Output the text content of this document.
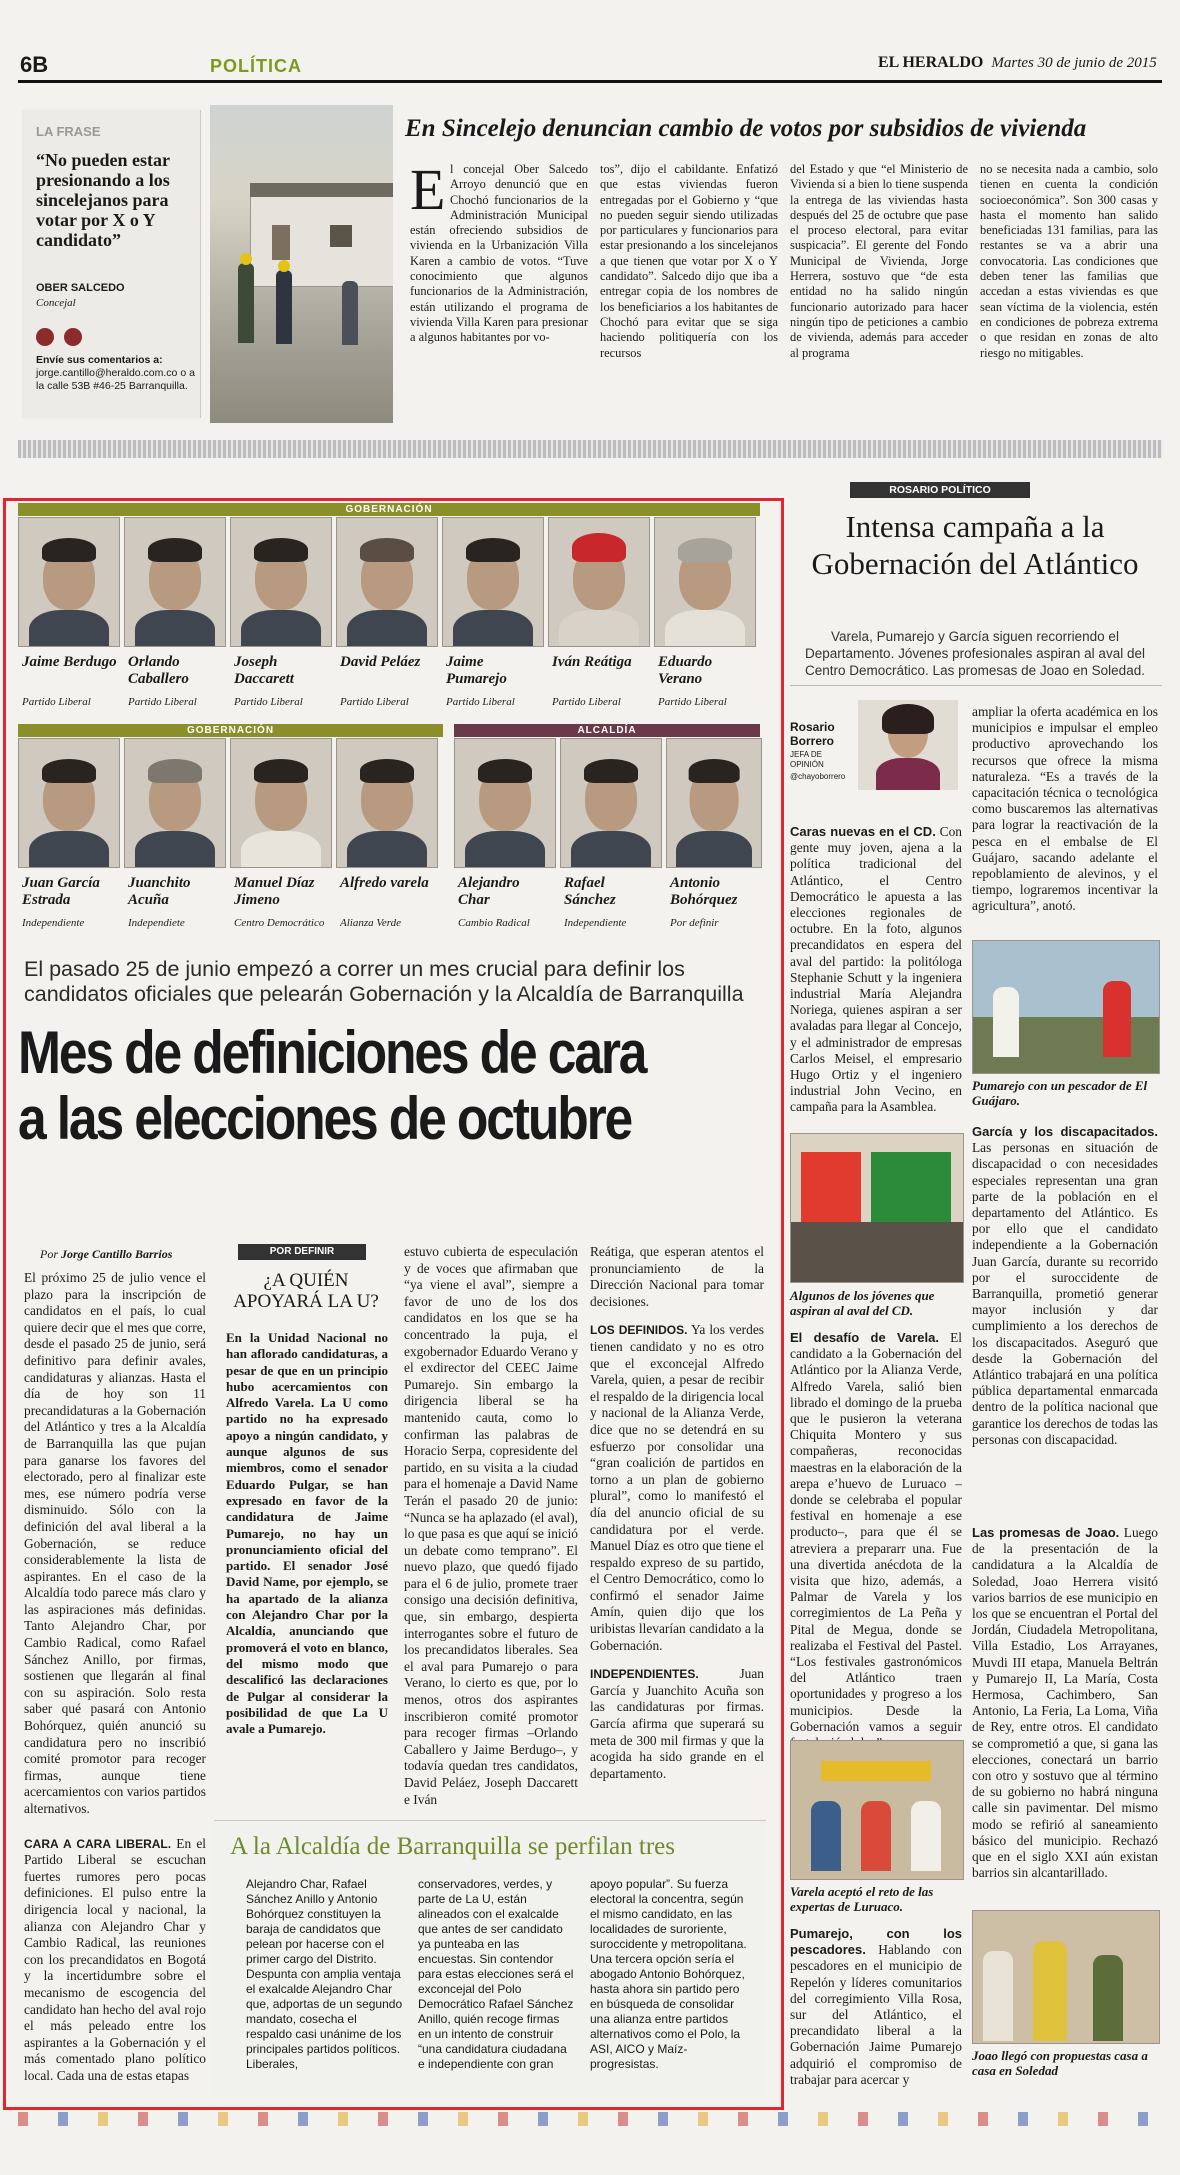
6B	POLÍTICA	EL HERALDO Martes 30 de junio de 2015
LA FRASE
“No pueden estar presionando a los sincelejanos para votar por X o Y candidato”
OBER SALCEDO
Concejal

Envíe sus comentarios a: jorge.cantillo@heraldo.com.co o a la calle 53B #46-25 Barranquilla.
En Sincelejo denuncian cambio de votos por subsidios de vivienda
E l concejal Ober Salcedo Arroyo denunció que en Chochó funcionarios de la Administración Municipal están ofreciendo subsidios de vivienda en la Urbanización Villa Karen a cambio de votos. “Tuve conocimiento que algunos funcionarios de la Administración, están utilizando el programa de vivienda Villa Karen para presionar a algunos habitantes por vo-

tos”, dijo el cabildante. Enfatizó que estas viviendas fueron entregadas por el Gobierno y “que no pueden seguir siendo utilizadas por particulares y funcionarios para estar presionando a los sincelejanos a que tienen que votar por X o Y candidato”. Salcedo dijo que iba a entregar copia de los nombres de los beneficiarios a los habitantes de Chochó para evitar que se siga haciendo politiquería con los recursos
del Estado y que “el Ministerio de Vivienda si a bien lo tiene suspenda la entrega de las viviendas hasta después del 25 de octubre que pase el proceso electoral, para evitar suspicacia”. El gerente del Fondo Municipal de Vivienda, Jorge Herrera, sostuvo que “de esta entidad no ha salido ningún funcionario autorizado para hacer ningún tipo de peticiones a cambio de vivienda, además para acceder al programa
no se necesita nada a cambio, solo tienen en cuenta la condición socioeconómica”. Son 300 casas y hasta el momento han salido beneficiadas 131 familias, para las restantes se va a abrir una convocatoria. Las condiciones que deben tener las familias que accedan a estas viviendas es que sean víctima de la violencia, estén en condiciones de pobreza extrema o que residan en zonas de alto riesgo no mitigables.
GOBERNACIÓN
Jaime Berdugo
Partido Liberal
Orlando Caballero
Partido Liberal
Joseph Daccarett
Partido Liberal
David Peláez
Partido Liberal
Jaime Pumarejo
Partido Liberal
Iván Reátiga
Partido Liberal
Eduardo Verano
Partido Liberal
GOBERNACIÓN	ALCALDÍA
Juan García Estrada
Independiente
Juanchito Acuña
Independiete
Manuel Díaz Jimeno
Centro Democrático
Alfredo varela
Alianza Verde
Alejandro Char
Cambio Radical
Rafael Sánchez
Independiente
Antonio Bohórquez
Por definir
El pasado 25 de junio empezó a correr un mes crucial para definir los candidatos oficiales que pelearán Gobernación y la Alcaldía de Barranquilla
Mes de definiciones de cara
a las elecciones de octubre
Por Jorge Cantillo Barrios

El próximo 25 de julio vence el plazo para la inscripción de candidatos en el país, lo cual quiere decir que el mes que corre, desde el pasado 25 de junio, será definitivo para definir avales, candidaturas y alianzas. Hasta el día de hoy son 11 precandidaturas a la Gobernación del Atlántico y tres a la Alcaldía de Barranquilla las que pujan para ganarse los favores del electorado, pero al finalizar este mes, ese número podría verse disminuido. Sólo con la definición del aval liberal a la Gobernación, se reduce considerablemente la lista de aspirantes. En el caso de la Alcaldía todo parece más claro y las aspiraciones más definidas. Tanto Alejandro Char, por Cambio Radical, como Rafael Sánchez Anillo, por firmas, sostienen que llegarán al final con su aspiración. Solo resta saber qué pasará con Antonio Bohórquez, quién anunció su candidatura pero no inscribió comité promotor para recoger firmas, aunque tiene acercamientos con varios partidos alternativos.

CARA A CARA LIBERAL. En el Partido Liberal se escuchan fuertes rumores pero pocas definiciones. El pulso entre la dirigencia local y nacional, la alianza con Alejandro Char y Cambio Radical, las reuniones con los precandidatos en Bogotá y la incertidumbre sobre el mecanismo de escogencia del candidato han hecho del aval rojo el más peleado entre los aspirantes a la Gobernación y el más comentado plano político local. Cada una de estas etapas

POR DEFINIR
¿A QUIÉN APOYARÁ LA U?
En la Unidad Nacional no han aflorado candidaturas, a pesar de que en un principio hubo acercamientos con Alfredo Varela. La U como partido no ha expresado apoyo a ningún candidato, y aunque algunos de sus miembros, como el senador Eduardo Pulgar, se han expresado en favor de la candidatura de Jaime Pumarejo, no hay un pronunciamiento oficial del partido. El senador José David Name, por ejemplo, se ha apartado de la alianza con Alejandro Char por la Alcaldía, anunciando que promoverá el voto en blanco, del mismo modo que descalificó las declaraciones de Pulgar al considerar la posibilidad de que La U avale a Pumarejo.
estuvo cubierta de especulación y de voces que afirmaban que “ya viene el aval”, siempre a favor de uno de los dos candidatos en los que se ha concentrado la puja, el exgobernador Eduardo Verano y el exdirector del CEEC Jaime Pumarejo. Sin embargo la dirigencia liberal se ha mantenido cauta, como lo confirman las palabras de Horacio Serpa, copresidente del partido, en su visita a la ciudad para el homenaje a David Name Terán el pasado 20 de junio: “Nunca se ha aplazado (el aval), lo que pasa es que aquí se inició un debate como temprano”. El nuevo plazo, que quedó fijado para el 6 de julio, promete traer consigo una decisión definitiva, que, sin embargo, despierta interrogantes sobre el futuro de los precandidatos liberales. Sea el aval para Pumarejo o para Verano, lo cierto es que, por lo menos, otros dos aspirantes inscribieron comité promotor para recoger firmas –Orlando Caballero y Jaime Berdugo–, y todavía quedan tres candidatos, David Peláez, Joseph Daccarett e Iván

Reátiga, que esperan atentos el pronunciamiento de la Dirección Nacional para tomar decisiones.

LOS DEFINIDOS. Ya los verdes tienen candidato y no es otro que el exconcejal Alfredo Varela, quien, a pesar de recibir el respaldo de la dirigencia local y nacional de la Alianza Verde, dice que no se detendrá en su esfuerzo por consolidar una “gran coalición de partidos en torno a un plan de gobierno plural”, como lo manifestó el día del anuncio oficial de su candidatura por el verde. Manuel Díaz es otro que tiene el respaldo expreso de su partido, el Centro Democrático, como lo confirmó el senador Jaime Amín, quien dijo que los uribistas llevarían candidato a la Gobernación.

INDEPENDIENTES.	Juan García y Juanchito Acuña son las candidaturas por firmas. García afirma que superará su meta de 300 mil firmas y que la acogida ha sido grande en el departamento.

A la Alcaldía de Barranquilla se perfilan tres
Alejandro Char, Rafael Sánchez Anillo y Antonio Bohórquez constituyen la baraja de candidatos que pelean por hacerse con el primer cargo del Distrito. Despunta con amplia ventaja el exalcalde Alejandro Char que, adportas de un segundo mandato, cosecha el respaldo casi unánime de los principales partidos políticos. Liberales,
conservadores, verdes, y parte de La U, están alineados con el exalcalde que antes de ser candidato ya punteaba en las encuestas. Sin contendor para estas elecciones será el exconcejal del Polo Democrático Rafael Sánchez Anillo, quién recoge firmas en un intento de construir “una candidatura ciudadana e independiente con gran
apoyo popular”. Su fuerza electoral la concentra, según el mismo candidato, en las localidades de suroriente, suroccidente y metropolitana. Una tercera opción sería el abogado Antonio Bohórquez, hasta ahora sin partido pero en búsqueda de consolidar una alianza entre partidos alternativos como el Polo, la ASI, AICO y Maíz-progresistas.
ROSARIO POLÍTICO
Intensa campaña a la Gobernación del Atlántico
Varela, Pumarejo y García siguen recorriendo el Departamento. Jóvenes profesionales aspiran al aval del Centro Democrático. Las promesas de Joao en Soledad.
Rosario Borrero
JEFA DE OPINIÓN
@chayoborrero

Caras nuevas en el CD. Con gente muy joven, ajena a la política tradicional del Atlántico, el Centro Democrático le apuesta a las elecciones regionales de octubre. En la foto, algunos precandidatos en espera del aval del partido: la politóloga Stephanie Schutt y la ingeniera industrial María Alejandra Noriega, quienes aspiran a ser avaladas para llegar al Concejo, y el administrador de empresas Carlos Meisel, el empresario Hugo Ortiz y el ingeniero industrial John Vecino, en campaña para la Asamblea.

Algunos de los jóvenes que aspiran al aval del CD.

El desafío de Varela. El candidato a la Gobernación del Atlántico por la Alianza Verde, Alfredo Varela, salió bien librado el domingo de la prueba que le pusieron la veterana Chiquita Montero y sus compañeras, reconocidas maestras en la elaboración de la arepa e’huevo de Luruaco –donde se celebraba el popular festival en homenaje a ese producto–, para que él se atreviera a prepararr una. Fue una divertida anécdota de la visita que hizo, además, a Palmar de Varela y los corregimientos de La Peña y Pital de Megua, donde se realizaba el Festival del Pastel. “Los festivales gastronómicos del Atlántico traen oportunidades y progreso a los municipios. Desde la Gobernación vamos a seguir

Varela aceptó el reto de las expertas de Luruaco.

Pumarejo, con los pescadores. Hablando con pescadores en el municipio de Repelón y líderes comunitarios del corregimiento Villa Rosa, sur del Atlántico, el precandidato liberal a la Gobernación Jaime Pumarejo adquirió el compromiso de trabajar para acercar y

ampliar la oferta académica en los municipios e impulsar el empleo productivo aprovechando los recursos que ofrece la misma naturaleza. “Es a través de la capacitación técnica o tecnológica como buscaremos las alternativas para lograr la reactivación de la pesca en el embalse de El Guájaro, sacando adelante el repoblamiento de alevinos, y el tiempo, lograremos incentivar la agricultura”, anotó.
Pumarejo con un pescador de El Guájaro.

García y los discapacitados. Las personas en situación de discapacidad o con necesidades especiales representan una gran parte de la población en el departamento del Atlántico. Es por ello que el candidato independiente a la Gobernación Juan García, durante su recorrido por el suroccidente de Barranquilla, prometió generar mayor inclusión y dar cumplimiento a los derechos de los discapacitados. Aseguró que desde la Gobernación del Atlántico trabajará en una política pública departamental enmarcada dentro de la política nacional que garantice los derechos de todas las personas con discapacidad.

Las promesas de Joao. Luego de la presentación de la candidatura a la Alcaldía de Soledad, Joao Herrera visitó varios barrios de ese municipio en los que se encuentran el Portal del Jordán, Ciudadela Metropolitana, Villa Estadio, Los Arrayanes, Muvdi III etapa, Manuela Beltrán y Pumarejo II, La María, Costa Hermosa, Cachimbero, San Antonio, La Feria, La Loma, Viña de Rey, entre otros. El candidato se comprometió a que, si gana las elecciones, conectará un barrio con otro y sostuvo que al término de su gobierno no habrá ninguna calle sin pavimentar. Del mismo modo se refirió al saneamiento básico del municipio. Rechazó que en el siglo XXI aún existan barrios sin alcantarillado.

Joao llegó con propuestas casa a casa en Soledad
